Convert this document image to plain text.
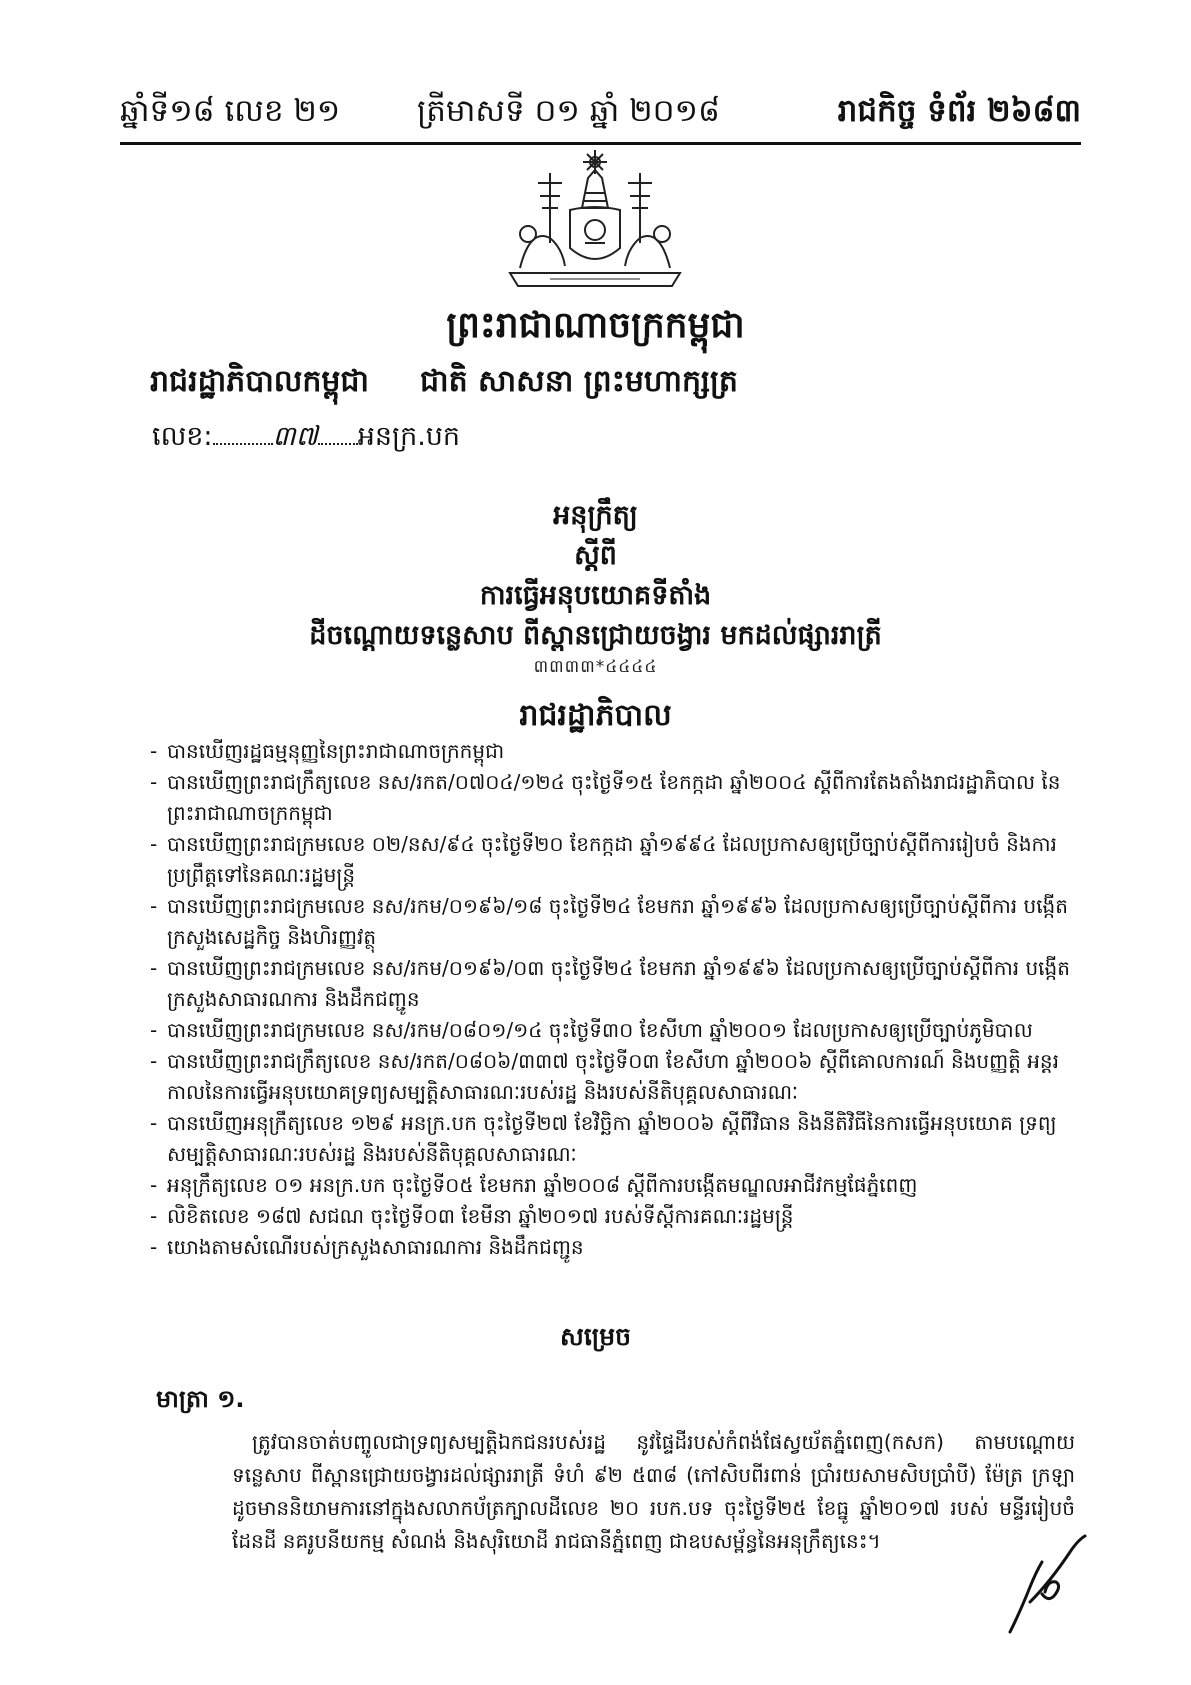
ឆ្នាំទី១៨ លេខ ២១ ត្រីមាសទី ០១ ឆ្នាំ ២០១៨	រាជកិច្ច ទំព័រ ២៦៨៣
ព្រះរាជាណាចក្រកម្ពុជា
រាជរដ្ឋាភិបាលកម្ពុជា ជាតិ សាសនា ព្រះមហាក្សត្រ
លេខ: ៣៧ អនក្រ.បក
អនុក្រឹត្យ
ស្តីពី
ការធ្វើអនុបយោគទីតាំង
ដីចណ្ដោយទន្លេសាប ពីស្ពានជ្រោយចង្វារ មកដល់ផ្សាររាត្រី
៣៣៣៣*៤៤៤៤
រាជរដ្ឋាភិបាល
- បានឃើញរដ្ឋធម្មនុញ្ញនៃព្រះរាជាណាចក្រកម្ពុជា
- បានឃើញព្រះរាជក្រឹត្យលេខ នស/រកត/០៧០៤/១២៤ ចុះថ្ងៃទី១៥ ខែកក្កដា ឆ្នាំ២០០៤ ស្តីពីការតែងតាំងរាជរដ្ឋាភិបាល នៃព្រះរាជាណាចក្រកម្ពុជា
- បានឃើញព្រះរាជក្រមលេខ ០២/នស/៩៤ ចុះថ្ងៃទី២០ ខែកក្កដា ឆ្នាំ១៩៩៤ ដែលប្រកាសឲ្យប្រើច្បាប់ស្តីពីការរៀបចំ និងការប្រព្រឹត្តទៅនៃគណៈរដ្ឋមន្ត្រី
- បានឃើញព្រះរាជក្រមលេខ នស/រកម/០១៩៦/១៨ ចុះថ្ងៃទី២៤ ខែមករា ឆ្នាំ១៩៩៦ ដែលប្រកាសឲ្យប្រើច្បាប់ស្តីពីការ បង្កើតក្រសួងសេដ្ឋកិច្ច និងហិរញ្ញវត្ថុ
- បានឃើញព្រះរាជក្រមលេខ នស/រកម/០១៩៦/០៣ ចុះថ្ងៃទី២៤ ខែមករា ឆ្នាំ១៩៩៦ ដែលប្រកាសឲ្យប្រើច្បាប់ស្តីពីការ បង្កើតក្រសួងសាធារណការ និងដឹកជញ្ជូន
- បានឃើញព្រះរាជក្រមលេខ នស/រកម/០៨០១/១៤ ចុះថ្ងៃទី៣០ ខែសីហា ឆ្នាំ២០០១ ដែលប្រកាសឲ្យប្រើច្បាប់ភូមិបាល
- បានឃើញព្រះរាជក្រឹត្យលេខ នស/រកត/០៨០៦/៣៣៧ ចុះថ្ងៃទី០៣ ខែសីហា ឆ្នាំ២០០៦ ស្តីពីគោលការណ៍ និងបញ្ញត្តិ អន្តរកាលនៃការធ្វើអនុបយោគទ្រព្យសម្បត្តិសាធារណៈរបស់រដ្ឋ និងរបស់នីតិបុគ្គលសាធារណៈ
- បានឃើញអនុក្រឹត្យលេខ ១២៩ អនក្រ.បក ចុះថ្ងៃទី២៧ ខែវិច្ឆិកា ឆ្នាំ២០០៦ ស្តីពីវិធាន និងនីតិវិធីនៃការធ្វើអនុបយោគ ទ្រព្យសម្បត្តិសាធារណៈរបស់រដ្ឋ និងរបស់នីតិបុគ្គលសាធារណៈ
- អនុក្រឹត្យលេខ ០១ អនក្រ.បក ចុះថ្ងៃទី០៥ ខែមករា ឆ្នាំ២០០៨ ស្តីពីការបង្កើតមណ្ឌលអាជីវកម្មផែភ្នំពេញ
- លិខិតលេខ ១៨៧ សជណ ចុះថ្ងៃទី០៣ ខែមីនា ឆ្នាំ២០១៧ របស់ទីស្តីការគណៈរដ្ឋមន្ត្រី
- យោងតាមសំណើរបស់ក្រសួងសាធារណការ និងដឹកជញ្ជូន
សម្រេច
មាត្រា ១.
ត្រូវបានចាត់បញ្ចូលជាទ្រព្យសម្បត្តិឯកជនរបស់រដ្ឋ នូវផ្ទៃដីរបស់កំពង់ផែស្វយ័តភ្នំពេញ(កសក) តាមបណ្តោយ ទន្លេសាប ពីស្ពានជ្រោយចង្វារដល់ផ្សាររាត្រី ទំហំ ៩២ ៥៣៨ (កៅសិបពីរពាន់ ប្រាំរយសាមសិបប្រាំបី) ម៉ែត្រ ក្រឡា ដូចមាននិយាមការនៅក្នុងសលាកប័ត្រក្បាលដីលេខ ២០ របក.បទ ចុះថ្ងៃទី២៥ ខែធ្នូ ឆ្នាំ២០១៧ របស់ មន្ទីររៀបចំដែនដី នគរូបនីយកម្ម សំណង់ និងសុរិយោដី រាជធានីភ្នំពេញ ជាឧបសម្ព័ន្ធនៃអនុក្រឹត្យនេះ។
